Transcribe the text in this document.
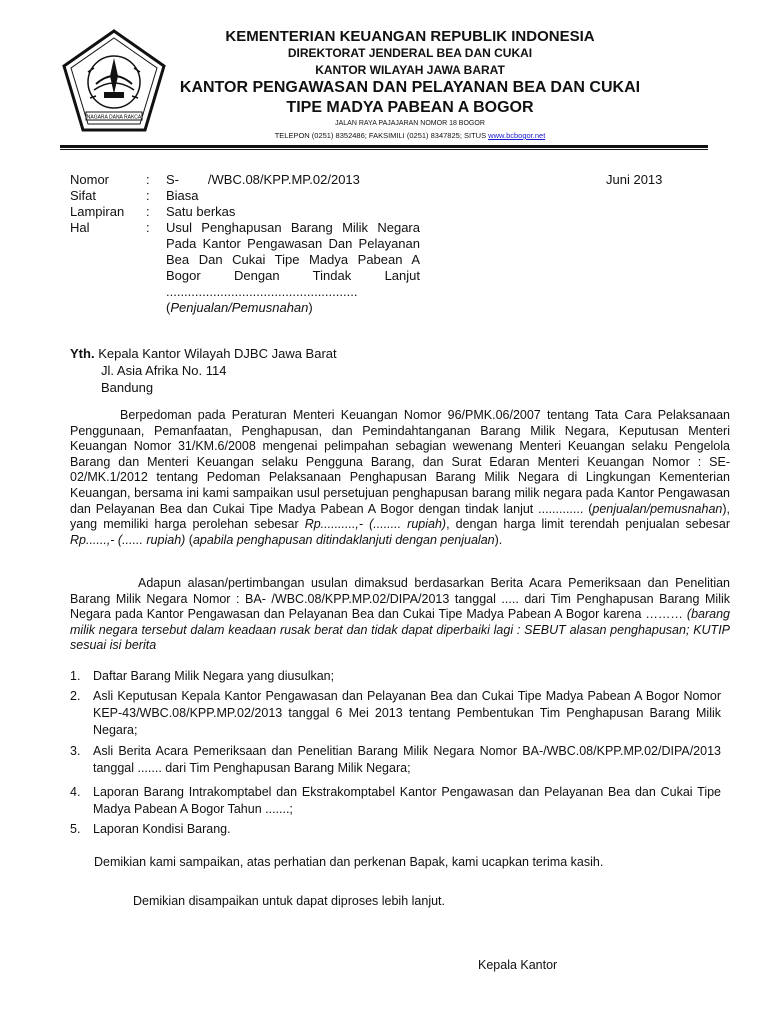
NAGARA DANA RAKCA
KEMENTERIAN KEUANGAN REPUBLIK INDONESIA
DIREKTORAT JENDERAL BEA DAN CUKAI
KANTOR WILAYAH JAWA BARAT
KANTOR PENGAWASAN DAN PELAYANAN BEA DAN CUKAI
TIPE MADYA PABEAN A BOGOR
JALAN RAYA PAJAJARAN NOMOR 18 BOGOR
TELEPON (0251) 8352486; FAKSIMILI (0251) 8347825; SITUS www.bcbogor.net
Nomor	: S-        /WBC.08/KPP.MP.02/2013	Juni 2013
Sifat	: Biasa
Lampiran : Satu berkas
Hal	: Usul Penghapusan Barang Milik Negara Pada Kantor Pengawasan Dan Pelayanan Bea Dan Cukai Tipe Madya Pabean A Bogor Dengan Tindak Lanjut .....................................................
(Penjualan/Pemusnahan)
Yth. Kepala Kantor Wilayah DJBC Jawa Barat
Jl. Asia Afrika No. 114
Bandung
Berpedoman pada Peraturan Menteri Keuangan Nomor 96/PMK.06/2007 tentang Tata Cara Pelaksanaan Penggunaan, Pemanfaatan, Penghapusan, dan Pemindahtanganan Barang Milik Negara, Keputusan Menteri Keuangan Nomor 31/KM.6/2008 mengenai pelimpahan sebagian wewenang Menteri Keuangan selaku Pengelola Barang dan Menteri Keuangan selaku Pengguna Barang, dan Surat Edaran Menteri Keuangan Nomor : SE-02/MK.1/2012 tentang Pedoman Pelaksanaan Penghapusan Barang Milik Negara di Lingkungan Kementerian Keuangan, bersama ini kami sampaikan usul persetujuan penghapusan barang milik negara pada Kantor Pengawasan dan Pelayanan Bea dan Cukai Tipe Madya Pabean A Bogor dengan tindak lanjut ............. (penjualan/pemusnahan), yang memiliki harga perolehan sebesar Rp..........,- (........ rupiah), dengan harga limit terendah penjualan sebesar Rp......,- (...... rupiah) (apabila penghapusan ditindaklanjuti dengan penjualan).
Adapun alasan/pertimbangan usulan dimaksud berdasarkan Berita Acara Pemeriksaan dan Penelitian Barang Milik Negara Nomor : BA- /WBC.08/KPP.MP.02/DIPA/2013 tanggal ..... dari Tim Penghapusan Barang Milik Negara pada Kantor Pengawasan dan Pelayanan Bea dan Cukai Tipe Madya Pabean A Bogor karena ……… (barang milik negara tersebut dalam keadaan rusak berat dan tidak dapat diperbaiki lagi : SEBUT alasan penghapusan; KUTIP sesuai isi berita
1. Daftar Barang Milik Negara yang diusulkan;
2. Asli Keputusan Kepala Kantor Pengawasan dan Pelayanan Bea dan Cukai Tipe Madya Pabean A Bogor Nomor KEP-43/WBC.08/KPP.MP.02/2013 tanggal 6 Mei 2013 tentang Pembentukan Tim Penghapusan Barang Milik Negara;
3. Asli Berita Acara Pemeriksaan dan Penelitian Barang Milik Negara Nomor BA-/WBC.08/KPP.MP.02/DIPA/2013 tanggal ....... dari Tim Penghapusan Barang Milik Negara;
4. Laporan Barang Intrakomptabel dan Ekstrakomptabel Kantor Pengawasan dan Pelayanan Bea dan Cukai Tipe Madya Pabean A Bogor Tahun .......;
5. Laporan Kondisi Barang.
Demikian kami sampaikan, atas perhatian dan perkenan Bapak, kami ucapkan terima kasih.
Demikian disampaikan untuk dapat diproses lebih lanjut.
Kepala Kantor
